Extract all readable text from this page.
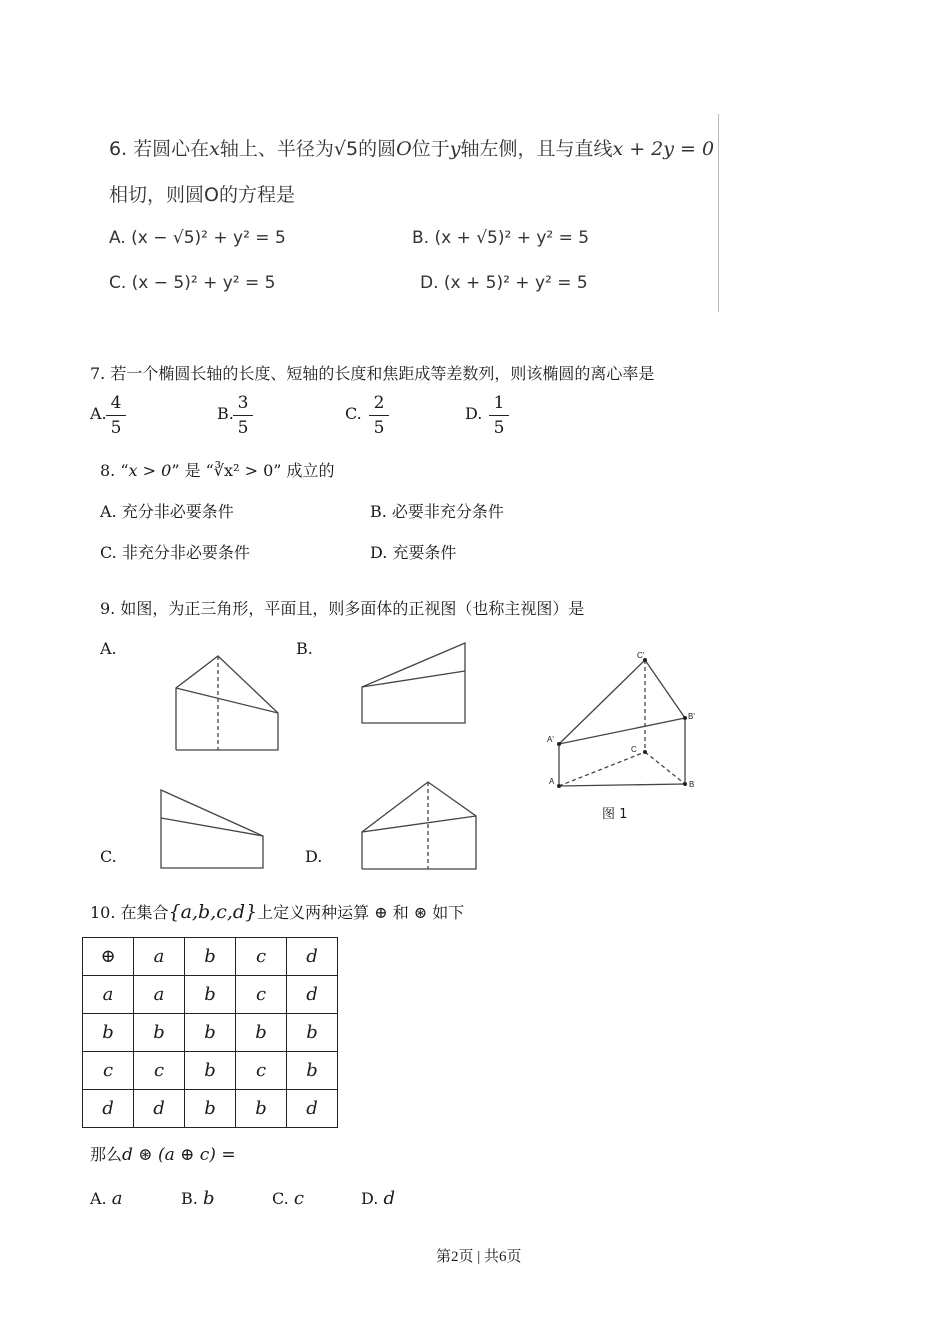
6. 若圆心在x轴上、半径为√5的圆O位于y轴左侧，且与直线x + 2y = 0
相切，则圆O的方程是
A. (x − √5)² + y² = 5	B. (x + √5)² + y² = 5
C. (x − 5)² + y² = 5	D. (x + 5)² + y² = 5
7. 若一个椭圆长轴的长度、短轴的长度和焦距成等差数列，则该椭圆的离心率是
A.
4
5
B.
3
5
C.
2
5
D.
1
5
8. “x > 0” 是 “∛x² > 0” 成立的
A. 充分非必要条件	B. 必要非充分条件
C. 非充分非必要条件	D. 充要条件
9. 如图，为正三角形，平面且，则多面体的正视图（也称主视图）是
A.	B.
C.	D.
C'
B'
A'
C
A	B
图 1
10. 在集合{a,b,c,d}上定义两种运算 ⊕ 和 ⊛ 如下
⊕	a	b	c	d
a	a	b	c	d
b	b	b	b	b
c	c	b	c	b
d	d	b	b	d
那么d ⊛ (a ⊕ c) =
A. a	B. b	C. c	D. d
第2页 | 共6页
